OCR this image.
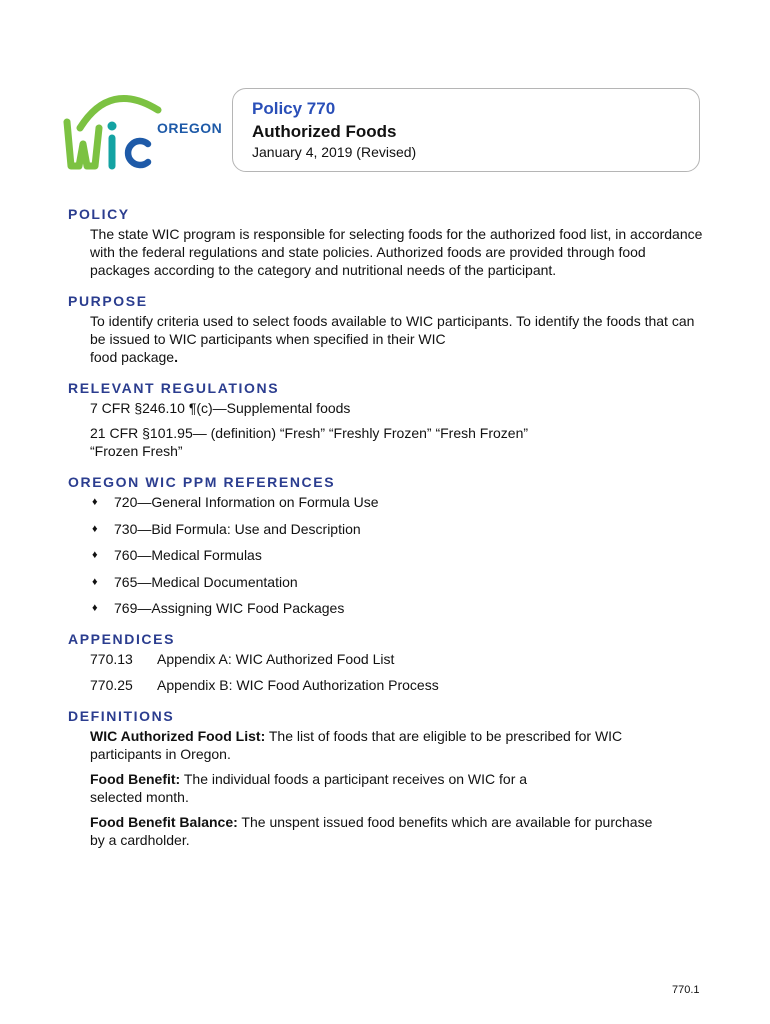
OREGON
Policy 770
Authorized Foods
January 4, 2019 (Revised)
POLICY

The state WIC program is responsible for selecting foods for the authorized food list, in accordance with the federal regulations and state policies. Authorized foods are provided through food packages according to the category and nutritional needs of the participant.

PURPOSE

To identify criteria used to select foods available to WIC participants. To identify the foods that can be issued to WIC participants when specified in their WIC
food package.

RELEVANT REGULATIONS

7 CFR §246.10 ¶(c)—Supplemental foods

21 CFR §101.95— (definition) “Fresh” “Freshly Frozen” “Fresh Frozen”
“Frozen Fresh”

OREGON WIC PPM REFERENCES
♦	720—General Information on Formula Use
♦	730—Bid Formula: Use and Description
♦	760—Medical Formulas
♦	765—Medical Documentation
♦	769—Assigning WIC Food Packages
APPENDICES
770.13	Appendix A: WIC Authorized Food List
770.25	Appendix B: WIC Food Authorization Process
DEFINITIONS

WIC Authorized Food List: The list of foods that are eligible to be prescribed for WIC
participants in Oregon.

Food Benefit: The individual foods a participant receives on WIC for a
selected month.

Food Benefit Balance: The unspent issued food benefits which are available for purchase
by a cardholder.

770.1
